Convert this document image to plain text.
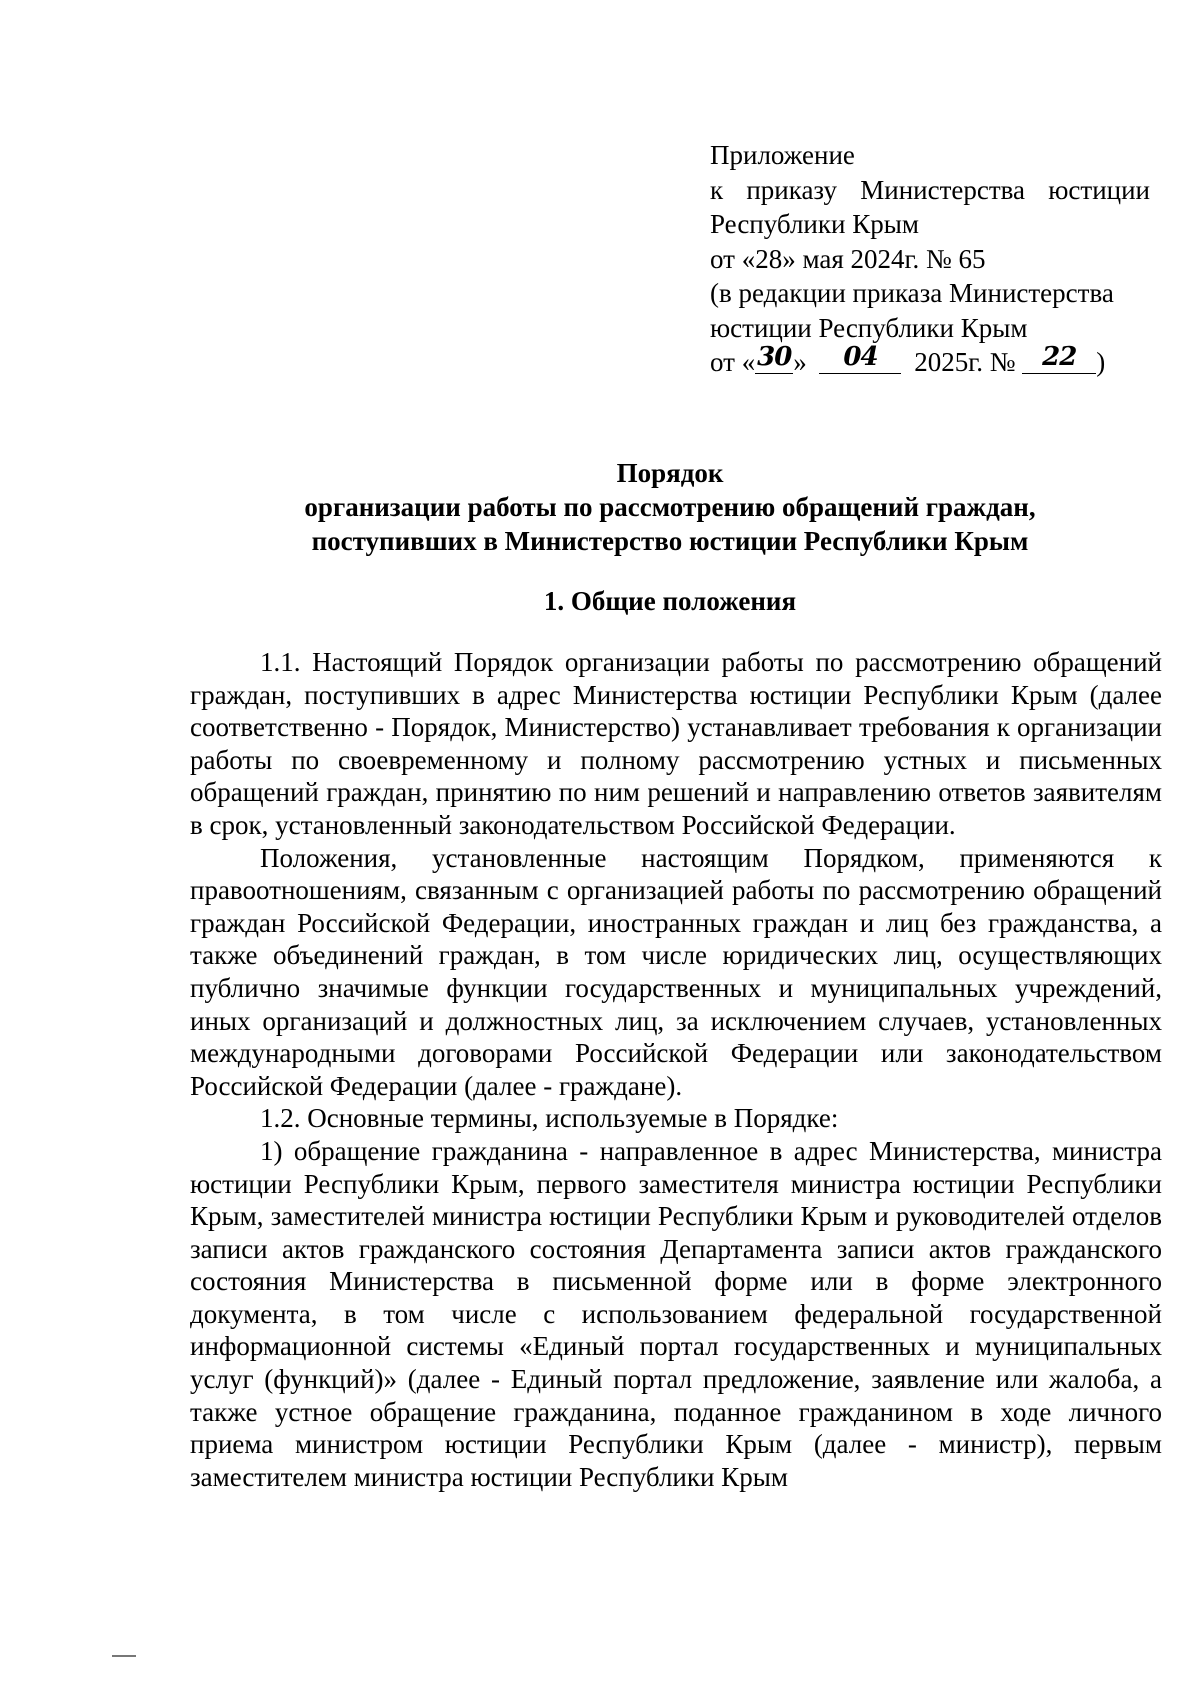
Приложение
к приказу Министерства юстиции
Республики Крым
от «28» мая 2024г. № 65
(в редакции приказа Министерства
юстиции Республики Крым
от «30» 04 2025г. № 22 )
Порядок
организации работы по рассмотрению обращений граждан,
поступивших в Министерство юстиции Республики Крым
1. Общие положения

1.1. Настоящий Порядок организации работы по рассмотрению обращений граждан, поступивших в адрес Министерства юстиции Республики Крым (далее соответственно - Порядок, Министерство) устанавливает требования к организации работы по своевременному и полному рассмотрению устных и письменных обращений граждан, принятию по ним решений и направлению ответов заявителям в срок, установленный законодательством Российской Федерации.

Положения, установленные настоящим Порядком, применяются к правоотношениям, связанным с организацией работы по рассмотрению обращений граждан Российской Федерации, иностранных граждан и лиц без гражданства, а также объединений граждан, в том числе юридических лиц, осуществляющих публично значимые функции государственных и муниципальных учреждений, иных организаций и должностных лиц, за исключением случаев, установленных международными договорами Российской Федерации или законодательством Российской Федерации (далее - граждане).

1.2. Основные термины, используемые в Порядке:

1) обращение гражданина - направленное в адрес Министерства, министра юстиции Республики Крым, первого заместителя министра юстиции Республики Крым, заместителей министра юстиции Республики Крым и руководителей отделов записи актов гражданского состояния Департамента записи актов гражданского состояния Министерства в письменной форме или в форме электронного документа, в том числе с использованием федеральной государственной информационной системы «Единый портал государственных и муниципальных услуг (функций)» (далее - Единый портал предложение, заявление или жалоба, а также устное обращение гражданина, поданное гражданином в ходе личного приема министром юстиции Республики Крым (далее - министр), первым заместителем министра юстиции Республики Крым
